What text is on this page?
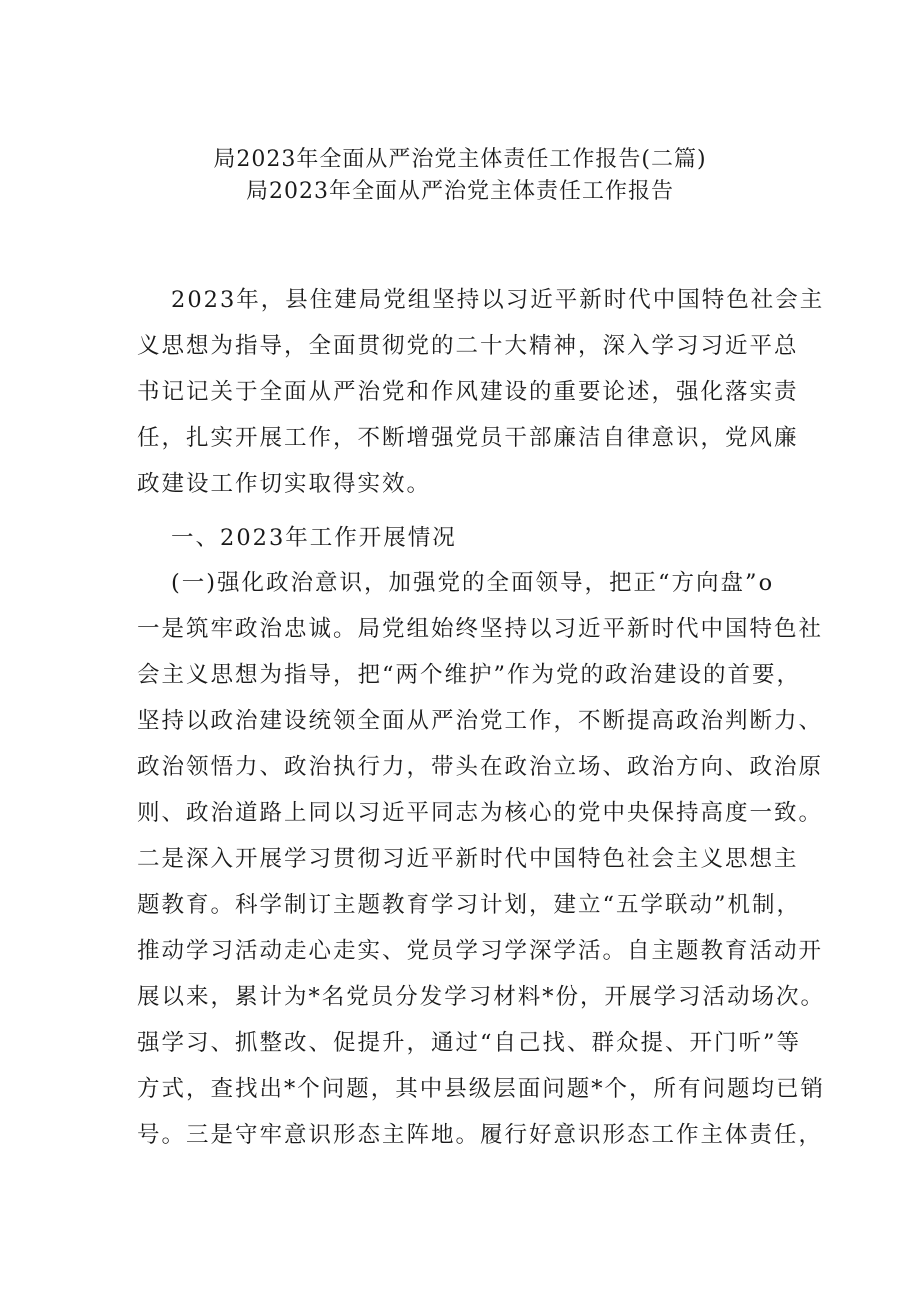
局2023年全面从严治党主体责任工作报告(二篇)
局2023年全面从严治党主体责任工作报告
2023年，县住建局党组坚持以习近平新时代中国特色社会主
义思想为指导，全面贯彻党的二十大精神，深入学习习近平总
书记记关于全面从严治党和作风建设的重要论述，强化落实责
任，扎实开展工作，不断增强党员干部廉洁自律意识，党风廉
政建设工作切实取得实效。
一、2023年工作开展情况
(一)强化政治意识，加强党的全面领导，把正“方向盘”o
一是筑牢政治忠诚。局党组始终坚持以习近平新时代中国特色社
会主义思想为指导，把“两个维护”作为党的政治建设的首要，
坚持以政治建设统领全面从严治党工作，不断提高政治判断力、
政治领悟力、政治执行力，带头在政治立场、政治方向、政治原
则、政治道路上同以习近平同志为核心的党中央保持高度一致。
二是深入开展学习贯彻习近平新时代中国特色社会主义思想主
题教育。科学制订主题教育学习计划，建立“五学联动”机制，
推动学习活动走心走实、党员学习学深学活。自主题教育活动开
展以来，累计为*名党员分发学习材料*份，开展学习活动场次。
强学习、抓整改、促提升，通过“自己找、群众提、开门听”等
方式，查找出*个问题，其中县级层面问题*个，所有问题均已销
号。三是守牢意识形态主阵地。履行好意识形态工作主体责任，
